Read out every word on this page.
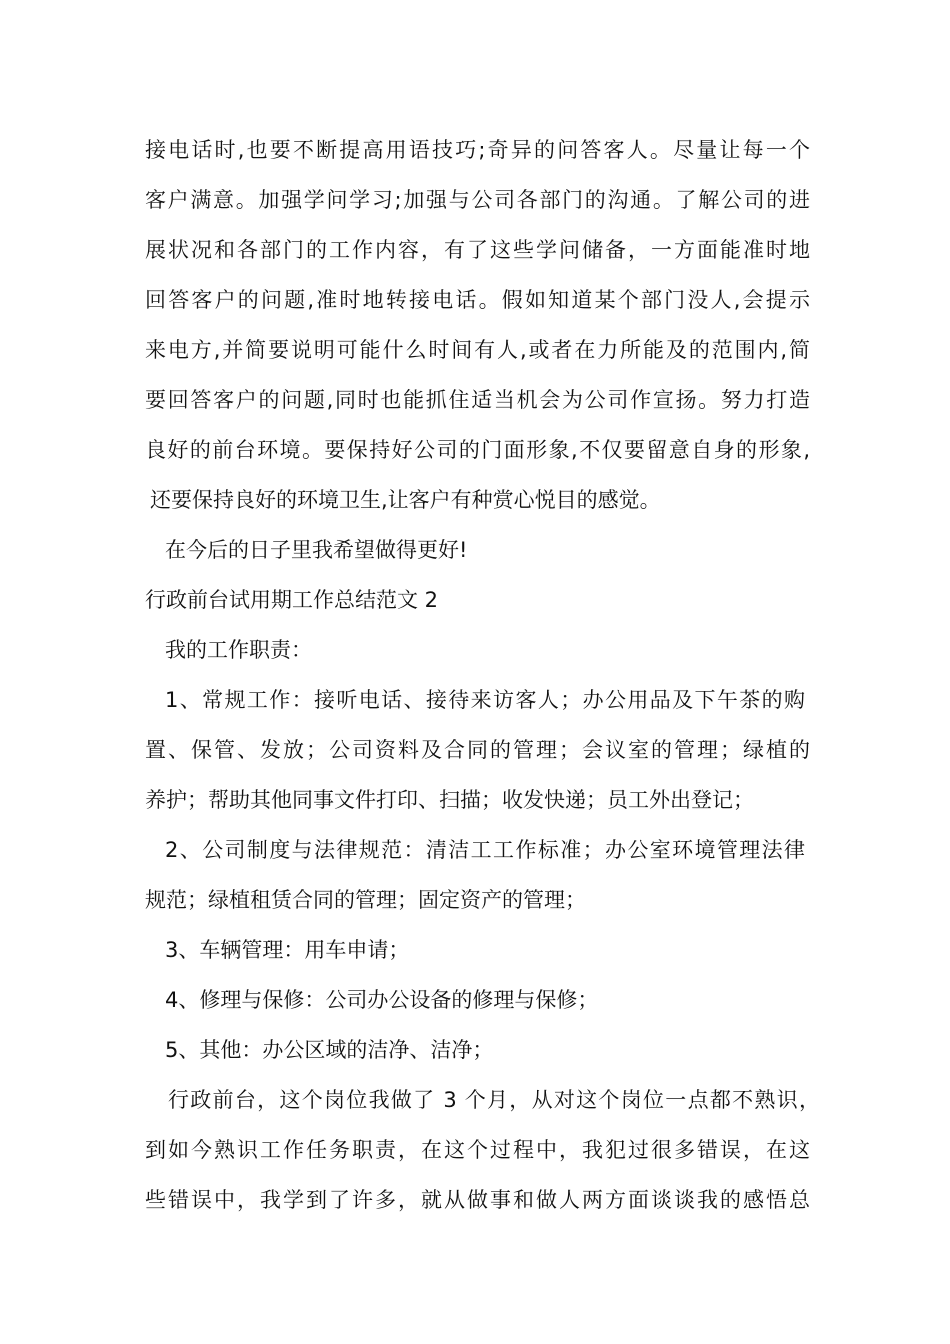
接电话时,也要不断提高用语技巧;奇异的问答客人。尽量让每一个
客户满意。加强学问学习;加强与公司各部门的沟通。了解公司的进
展状况和各部门的工作内容，有了这些学问储备，一方面能准时地
回答客户的问题,准时地转接电话。假如知道某个部门没人,会提示
来电方,并简要说明可能什么时间有人,或者在力所能及的范围内,简
要回答客户的问题,同时也能抓住适当机会为公司作宣扬。努力打造
良好的前台环境。要保持好公司的门面形象,不仅要留意自身的形象,
还要保持良好的环境卫生,让客户有种赏心悦目的感觉。
在今后的日子里我希望做得更好!
行政前台试用期工作总结范文 2
我的工作职责：
1、常规工作：接听电话、接待来访客人；办公用品及下午茶的购
置、保管、发放；公司资料及合同的管理；会议室的管理；绿植的
养护；帮助其他同事文件打印、扫描；收发快递；员工外出登记；
2、公司制度与法律规范：清洁工工作标准；办公室环境管理法律
规范；绿植租赁合同的管理；固定资产的管理；
3、车辆管理：用车申请；
4、修理与保修：公司办公设备的修理与保修；
5、其他：办公区域的洁净、洁净；
行政前台，这个岗位我做了 3 个月，从对这个岗位一点都不熟识，
到如今熟识工作任务职责，在这个过程中，我犯过很多错误，在这
些错误中，我学到了许多，就从做事和做人两方面谈谈我的感悟总
